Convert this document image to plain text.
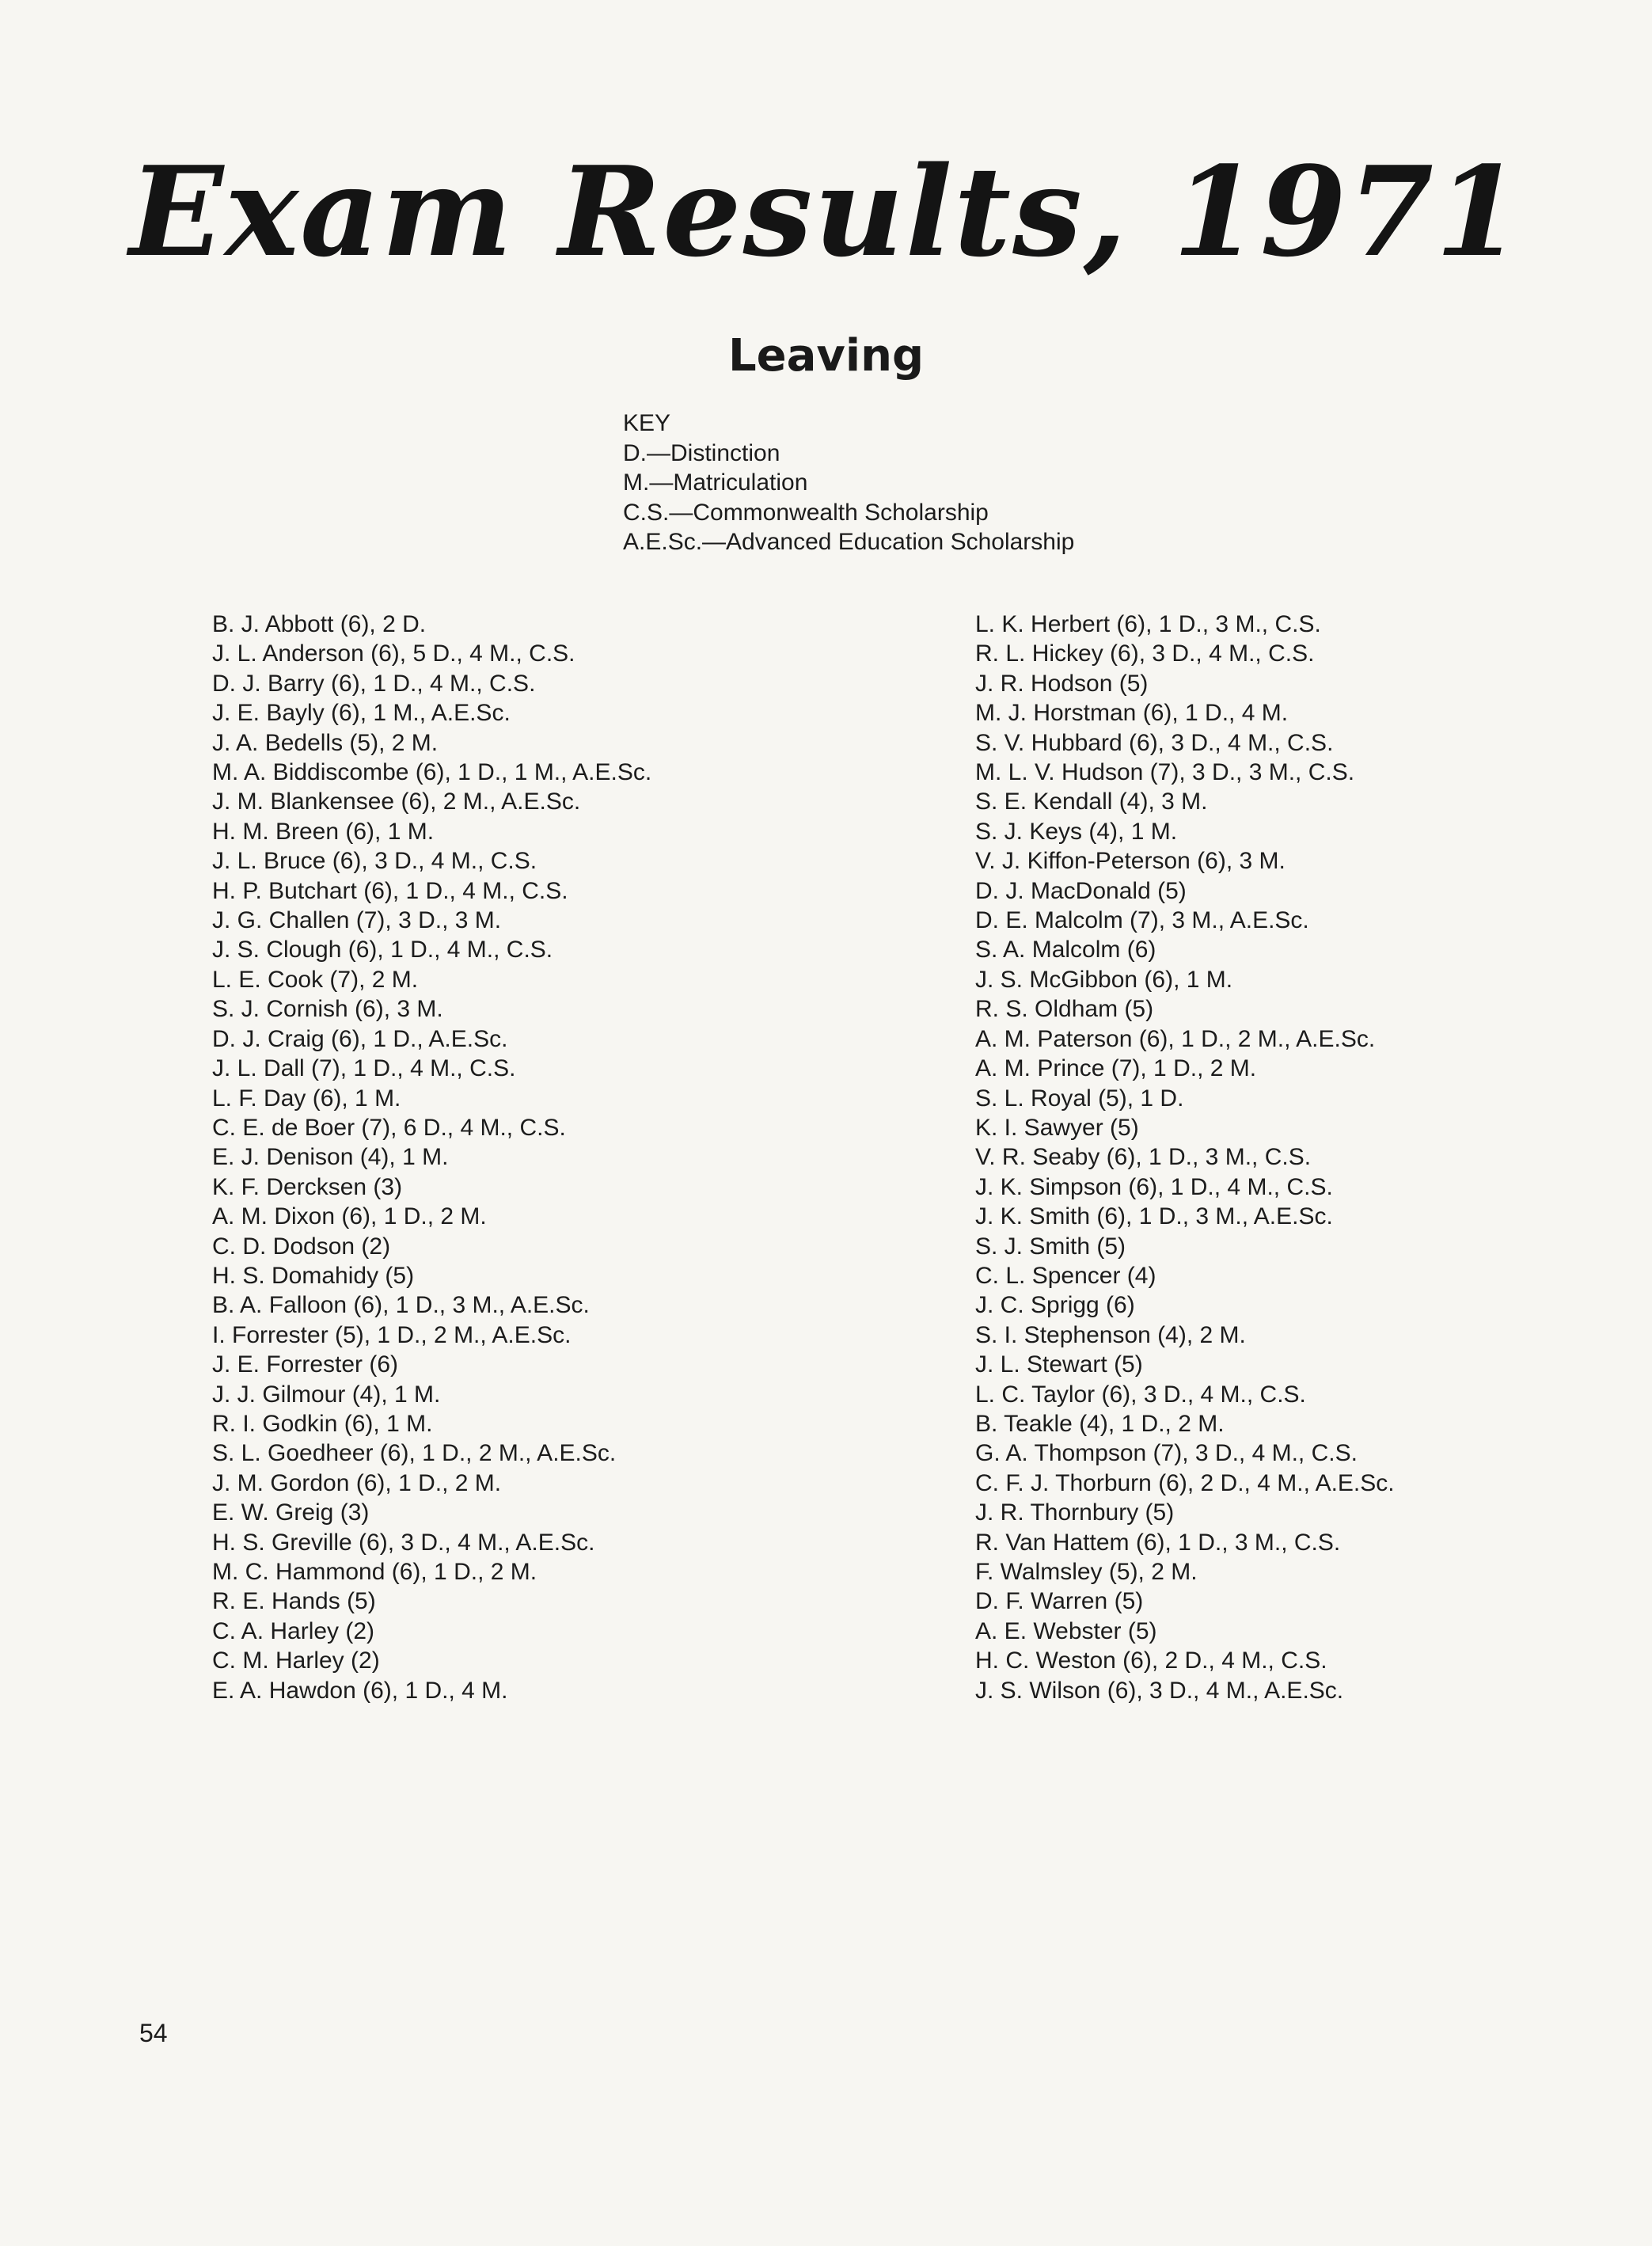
Exam Results, 1971
Leaving
KEY
D.—Distinction
M.—Matriculation
C.S.—Commonwealth Scholarship
A.E.Sc.—Advanced Education Scholarship
B. J. Abbott (6), 2 D.
J. L. Anderson (6), 5 D., 4 M., C.S.
D. J. Barry (6), 1 D., 4 M., C.S.
J. E. Bayly (6), 1 M., A.E.Sc.
J. A. Bedells (5), 2 M.
M. A. Biddiscombe (6), 1 D., 1 M., A.E.Sc.
J. M. Blankensee (6), 2 M., A.E.Sc.
H. M. Breen (6), 1 M.
J. L. Bruce (6), 3 D., 4 M., C.S.
H. P. Butchart (6), 1 D., 4 M., C.S.
J. G. Challen (7), 3 D., 3 M.
J. S. Clough (6), 1 D., 4 M., C.S.
L. E. Cook (7), 2 M.
S. J. Cornish (6), 3 M.
D. J. Craig (6), 1 D., A.E.Sc.
J. L. Dall (7), 1 D., 4 M., C.S.
L. F. Day (6), 1 M.
C. E. de Boer (7), 6 D., 4 M., C.S.
E. J. Denison (4), 1 M.
K. F. Dercksen (3)
A. M. Dixon (6), 1 D., 2 M.
C. D. Dodson (2)
H. S. Domahidy (5)
B. A. Falloon (6), 1 D., 3 M., A.E.Sc.
I. Forrester (5), 1 D., 2 M., A.E.Sc.
J. E. Forrester (6)
J. J. Gilmour (4), 1 M.
R. I. Godkin (6), 1 M.
S. L. Goedheer (6), 1 D., 2 M., A.E.Sc.
J. M. Gordon (6), 1 D., 2 M.
E. W. Greig (3)
H. S. Greville (6), 3 D., 4 M., A.E.Sc.
M. C. Hammond (6), 1 D., 2 M.
R. E. Hands (5)
C. A. Harley (2)
C. M. Harley (2)
E. A. Hawdon (6), 1 D., 4 M.
L. K. Herbert (6), 1 D., 3 M., C.S.
R. L. Hickey (6), 3 D., 4 M., C.S.
J. R. Hodson (5)
M. J. Horstman (6), 1 D., 4 M.
S. V. Hubbard (6), 3 D., 4 M., C.S.
M. L. V. Hudson (7), 3 D., 3 M., C.S.
S. E. Kendall (4), 3 M.
S. J. Keys (4), 1 M.
V. J. Kiffon-Peterson (6), 3 M.
D. J. MacDonald (5)
D. E. Malcolm (7), 3 M., A.E.Sc.
S. A. Malcolm (6)
J. S. McGibbon (6), 1 M.
R. S. Oldham (5)
A. M. Paterson (6), 1 D., 2 M., A.E.Sc.
A. M. Prince (7), 1 D., 2 M.
S. L. Royal (5), 1 D.
K. I. Sawyer (5)
V. R. Seaby (6), 1 D., 3 M., C.S.
J. K. Simpson (6), 1 D., 4 M., C.S.
J. K. Smith (6), 1 D., 3 M., A.E.Sc.
S. J. Smith (5)
C. L. Spencer (4)
J. C. Sprigg (6)
S. I. Stephenson (4), 2 M.
J. L. Stewart (5)
L. C. Taylor (6), 3 D., 4 M., C.S.
B. Teakle (4), 1 D., 2 M.
G. A. Thompson (7), 3 D., 4 M., C.S.
C. F. J. Thorburn (6), 2 D., 4 M., A.E.Sc.
J. R. Thornbury (5)
R. Van Hattem (6), 1 D., 3 M., C.S.
F. Walmsley (5), 2 M.
D. F. Warren (5)
A. E. Webster (5)
H. C. Weston (6), 2 D., 4 M., C.S.
J. S. Wilson (6), 3 D., 4 M., A.E.Sc.
54
